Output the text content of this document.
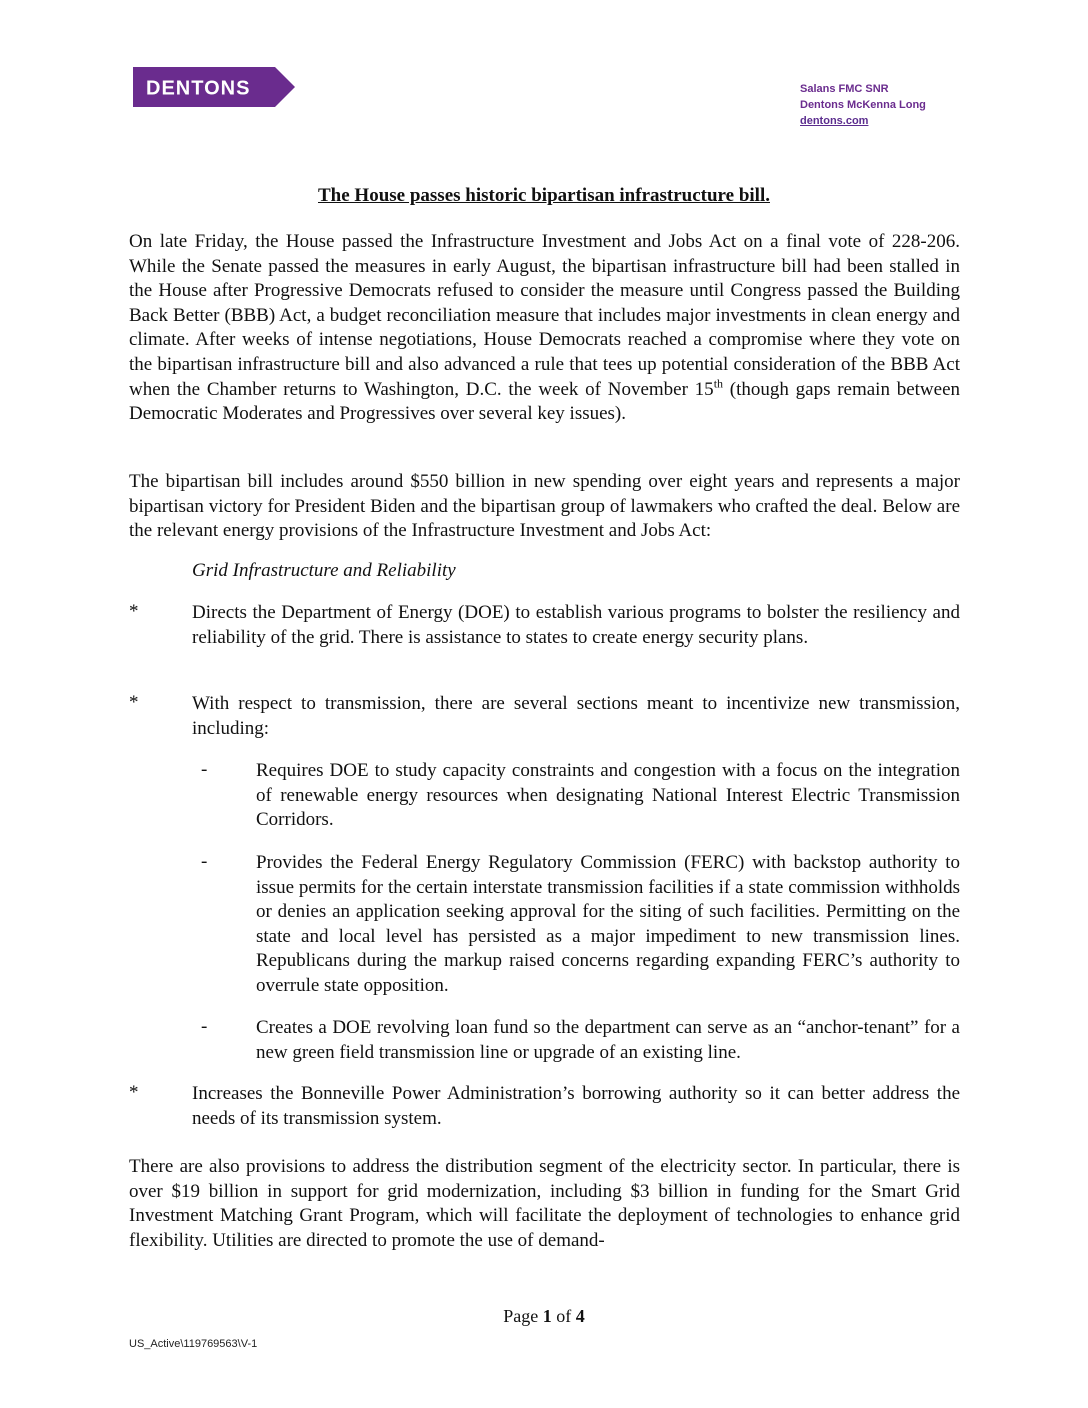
DENTONS	Salans FMC SNR
Dentons McKenna Long
dentons.com
The House passes historic bipartisan infrastructure bill.

On late Friday, the House passed the Infrastructure Investment and Jobs Act on a final vote of 228-206. While the Senate passed the measures in early August, the bipartisan infrastructure bill had been stalled in the House after Progressive Democrats refused to consider the measure until Congress passed the Building Back Better (BBB) Act, a budget reconciliation measure that includes major investments in clean energy and climate. After weeks of intense negotiations, House Democrats reached a compromise where they vote on the bipartisan infrastructure bill and also advanced a rule that tees up potential consideration of the BBB Act when the Chamber returns to Washington, D.C. the week of November 15th (though gaps remain between Democratic Moderates and Progressives over several key issues).

The bipartisan bill includes around $550 billion in new spending over eight years and represents a major bipartisan victory for President Biden and the bipartisan group of lawmakers who crafted the deal. Below are the relevant energy provisions of the Infrastructure Investment and Jobs Act:

Grid Infrastructure and Reliability
*	Directs the Department of Energy (DOE) to establish various programs to bolster the resiliency and reliability of the grid. There is assistance to states to create energy security plans.
*	With respect to transmission, there are several sections meant to incentivize new transmission, including:
-	Requires DOE to study capacity constraints and congestion with a focus on the integration of renewable energy resources when designating National Interest Electric Transmission Corridors.
-	Provides the Federal Energy Regulatory Commission (FERC) with backstop authority to issue permits for the certain interstate transmission facilities if a state commission withholds or denies an application seeking approval for the siting of such facilities. Permitting on the state and local level has persisted as a major impediment to new transmission lines. Republicans during the markup raised concerns regarding expanding FERC’s authority to overrule state opposition.
-	Creates a DOE revolving loan fund so the department can serve as an “anchor-tenant” for a new green field transmission line or upgrade of an existing line.
*	Increases the Bonneville Power Administration’s borrowing authority so it can better address the needs of its transmission system.

There are also provisions to address the distribution segment of the electricity sector. In particular, there is over $19 billion in support for grid modernization, including $3 billion in funding for the Smart Grid Investment Matching Grant Program, which will facilitate the deployment of technologies to enhance grid flexibility. Utilities are directed to promote the use of demand-

Page 1 of 4
US_Active\119769563\V-1
